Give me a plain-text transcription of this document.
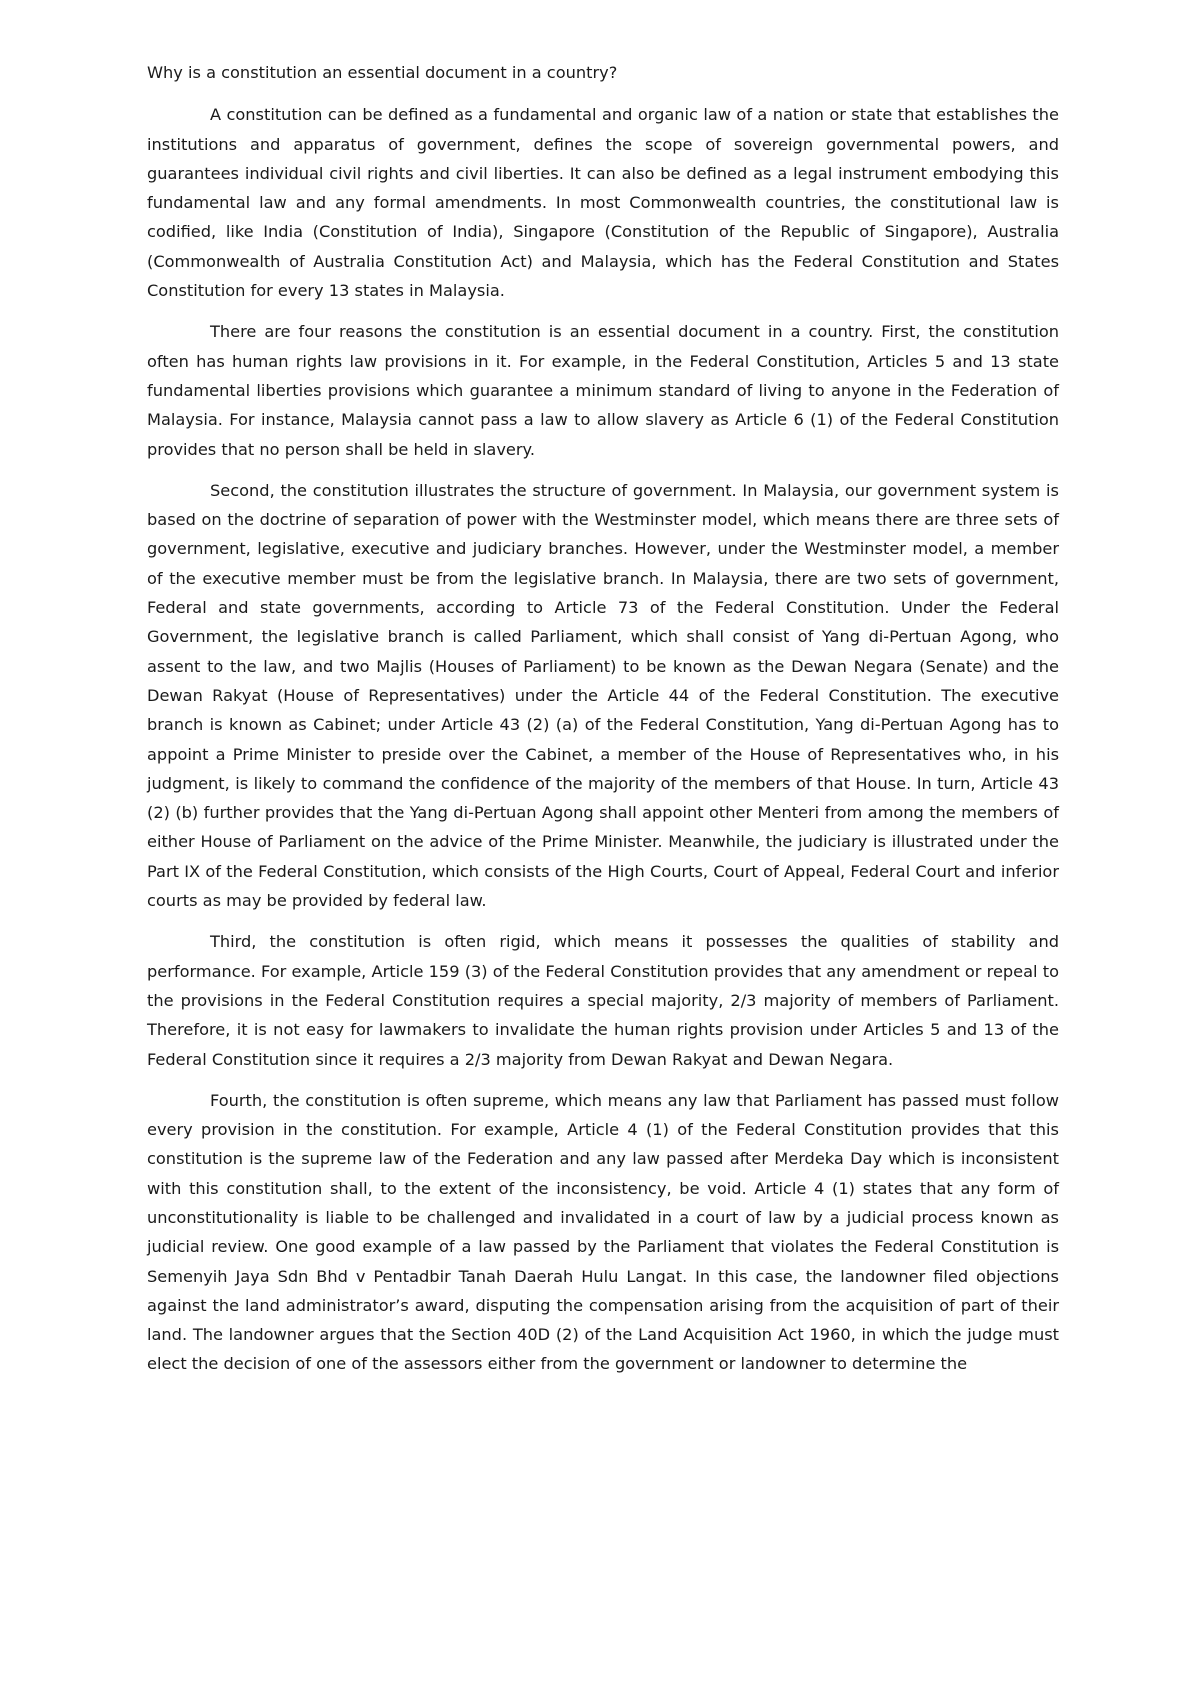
Why is a constitution an essential document in a country?

A constitution can be defined as a fundamental and organic law of a nation or state that establishes the institutions and apparatus of government, defines the scope of sovereign governmental powers, and guarantees individual civil rights and civil liberties. It can also be defined as a legal instrument embodying this fundamental law and any formal amendments. In most Commonwealth countries, the constitutional law is codified, like India (Constitution of India), Singapore (Constitution of the Republic of Singapore), Australia (Commonwealth of Australia Constitution Act) and Malaysia, which has the Federal Constitution and States Constitution for every 13 states in Malaysia.

There are four reasons the constitution is an essential document in a country. First, the constitution often has human rights law provisions in it. For example, in the Federal Constitution, Articles 5 and 13 state fundamental liberties provisions which guarantee a minimum standard of living to anyone in the Federation of Malaysia. For instance, Malaysia cannot pass a law to allow slavery as Article 6 (1) of the Federal Constitution provides that no person shall be held in slavery.

Second, the constitution illustrates the structure of government. In Malaysia, our government system is based on the doctrine of separation of power with the Westminster model, which means there are three sets of government, legislative, executive and judiciary branches. However, under the Westminster model, a member of the executive member must be from the legislative branch. In Malaysia, there are two sets of government, Federal and state governments, according to Article 73 of the Federal Constitution. Under the Federal Government, the legislative branch is called Parliament, which shall consist of Yang di-Pertuan Agong, who assent to the law, and two Majlis (Houses of Parliament) to be known as the Dewan Negara (Senate) and the Dewan Rakyat (House of Representatives) under the Article 44 of the Federal Constitution. The executive branch is known as Cabinet; under Article 43 (2) (a) of the Federal Constitution, Yang di-Pertuan Agong has to appoint a Prime Minister to preside over the Cabinet, a member of the House of Representatives who, in his judgment, is likely to command the confidence of the majority of the members of that House. In turn, Article 43 (2) (b) further provides that the Yang di-Pertuan Agong shall appoint other Menteri from among the members of either House of Parliament on the advice of the Prime Minister. Meanwhile, the judiciary is illustrated under the Part IX of the Federal Constitution, which consists of the High Courts, Court of Appeal, Federal Court and inferior courts as may be provided by federal law.

Third, the constitution is often rigid, which means it possesses the qualities of stability and performance. For example, Article 159 (3) of the Federal Constitution provides that any amendment or repeal to the provisions in the Federal Constitution requires a special majority, 2/3 majority of members of Parliament. Therefore, it is not easy for lawmakers to invalidate the human rights provision under Articles 5 and 13 of the Federal Constitution since it requires a 2/3 majority from Dewan Rakyat and Dewan Negara.

Fourth, the constitution is often supreme, which means any law that Parliament has passed must follow every provision in the constitution. For example, Article 4 (1) of the Federal Constitution provides that this constitution is the supreme law of the Federation and any law passed after Merdeka Day which is inconsistent with this constitution shall, to the extent of the inconsistency, be void. Article 4 (1) states that any form of unconstitutionality is liable to be challenged and invalidated in a court of law by a judicial process known as judicial review. One good example of a law passed by the Parliament that violates the Federal Constitution is Semenyih Jaya Sdn Bhd v Pentadbir Tanah Daerah Hulu Langat. In this case, the landowner filed objections against the land administrator’s award, disputing the compensation arising from the acquisition of part of their land. The landowner argues that the Section 40D (2) of the Land Acquisition Act 1960, in which the judge must elect the decision of one of the assessors either from the government or landowner to determine the
